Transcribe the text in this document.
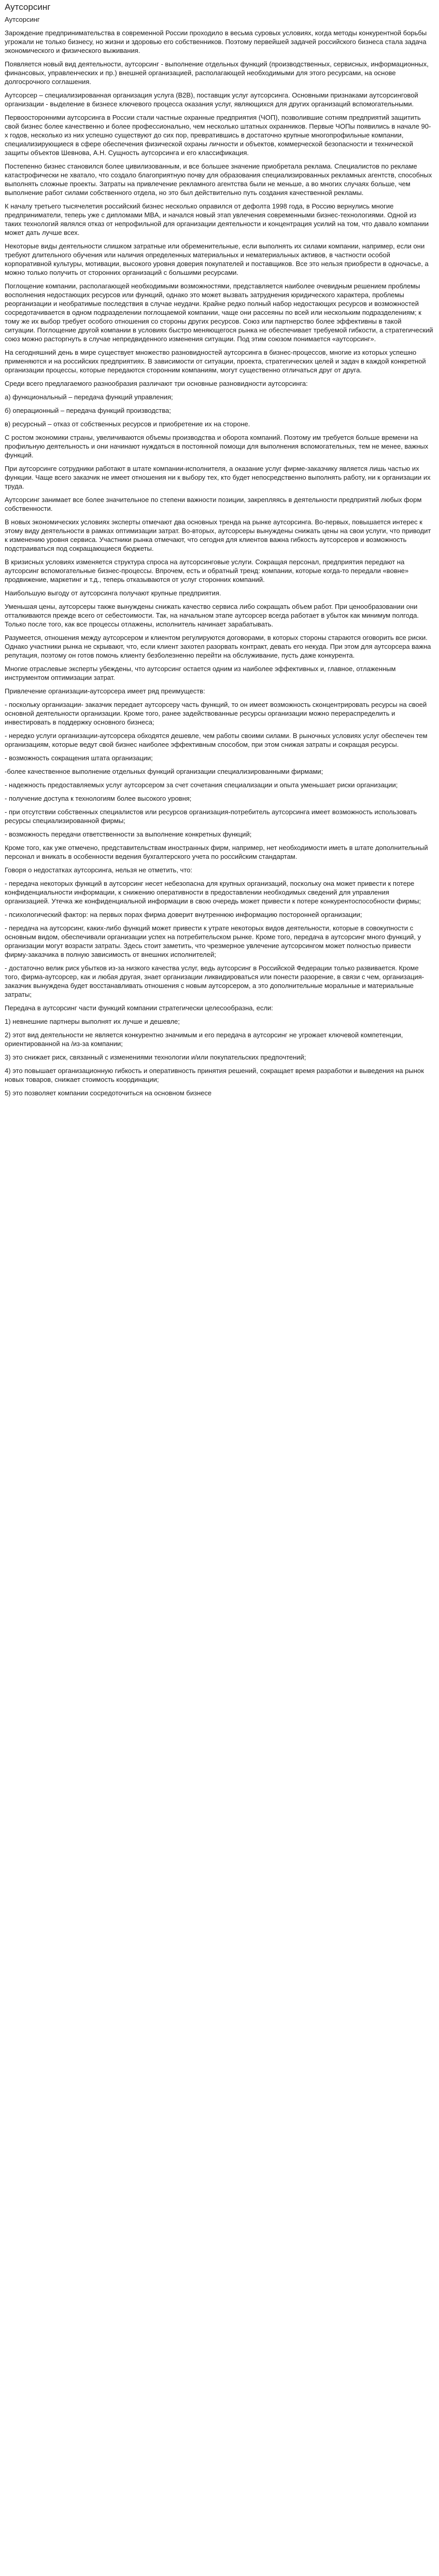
Аутсорсинг

Аутсорсинг

Зарождение предпринимательства в современной России проходило в весьма суровых условиях, когда методы конкурентной борьбы угрожали не только бизнесу, но жизни и здоровью его собственников. Поэтому первейшей задачей российского бизнеса стала задача экономического и физического выживания.

Появляется новый вид деятельности, аутсорсинг - выполнение отдельных функций (производственных, сервисных, информационных, финансовых, управленческих и пр.) внешней организацией, располагающей необходимыми для этого ресурсами, на основе долгосрочного соглашения.

Аутсорсер – специализированная организация услуга (B2B), поставщик услуг аутсорсинга. Основными признаками аутсорсинговой организации - выделение в бизнесе ключевого процесса оказания услуг, являющихся для других организаций вспомогательными.

Первоосторонними аутсорсинга в России стали частные охранные предприятия (ЧОП), позволившие сотням предприятий защитить свой бизнес более качественно и более профессионально, чем несколько штатных охранников. Первые ЧОПы появились в начале 90-х годов, несколько из них успешно существуют до сих пор, превратившись в достаточно крупные многопрофильные компании, специализирующиеся в сфере обеспечения физической охраны личности и объектов, коммерческой безопасности и технической защиты объектов Шевнова, А.Н. Сущность аутсорсинга и его классификация.

Постепенно бизнес становился более цивилизованным, и все большее значение приобретала реклама. Специалистов по рекламе катастрофически не хватало, что создало благоприятную почву для образования специализированных рекламных агентств, способных выполнять сложные проекты. Затраты на привлечение рекламного агентства были не меньше, а во многих случаях больше, чем выполнение работ силами собственного отдела, но это был действительно путь создания качественной рекламы.

К началу третьего тысячелетия российский бизнес несколько оправился от дефолта 1998 года, в Россию вернулись многие предприниматели, теперь уже с дипломами MBA, и начался новый этап увлечения современными бизнес-технологиями. Одной из таких технологий являлся отказ от непрофильной для организации деятельности и концентрация усилий на том, что давало компании может дать лучше всех.

Некоторые виды деятельности слишком затратные или обременительные, если выполнять их силами компании, например, если они требуют длительного обучения или наличия определенных материальных и нематериальных активов, в частности особой корпоративной культуры, мотивации, высокого уровня доверия покупателей и поставщиков. Все это нельзя приобрести в одночасье, а можно только получить от сторонних организаций с большими ресурсами.

Поглощение компании, располагающей необходимыми возможностями, представляется наиболее очевидным решением проблемы восполнения недостающих ресурсов или функций, однако это может вызвать затруднения юридического характера, проблемы реорганизации и необратимые последствия в случае неудачи. Крайне редко полный набор недостающих ресурсов и возможностей сосредотачивается в одном подразделении поглощаемой компании, чаще они рассеяны по всей или нескольким подразделениям; к тому же их выбор требует особого отношения со стороны других ресурсов. Союз или партнерство более эффективны в такой ситуации. Поглощение другой компании в условиях быстро меняющегося рынка не обеспечивает требуемой гибкости, а стратегический союз можно расторгнуть в случае непредвиденного изменения ситуации. Под этим союзом понимается «аутсорсинг».

На сегодняшний день в мире существует множество разновидностей аутсорсинга в бизнес-процессов, многие из которых успешно применяются и на российских предприятиях. В зависимости от ситуации, проекта, стратегических целей и задач в каждой конкретной организации процессы, которые передаются сторонним компаниям, могут существенно отличаться друг от друга.

Среди всего предлагаемого разнообразия различают три основные разновидности аутсорсинга:

а) функциональный – передача функций управления;

б) операционный – передача функций производства;

в) ресурсный – отказ от собственных ресурсов и приобретение их на стороне.

С ростом экономики страны, увеличиваются объемы производства и оборота компаний. Поэтому им требуется больше времени на профильную деятельность и они начинают нуждаться в постоянной помощи для выполнения вспомогательных, тем не менее, важных функций.

При аутсорсинге сотрудники работают в штате компании-исполнителя, а оказание услуг фирме-заказчику является лишь частью их функции. Чаще всего заказчик не имеет отношения ни к выбору тех, кто будет непосредственно выполнять работу, ни к организации их труда.

Аутсорсинг занимает все более значительное по степени важности позиции, закрепляясь в деятельности предприятий любых форм собственности.

В новых экономических условиях эксперты отмечают два основных тренда на рынке аутсорсинга. Во-первых, повышается интерес к этому виду деятельности в рамках оптимизации затрат. Во-вторых, аутсорсеры вынуждены снижать цены на свои услуги, что приводит к изменению уровня сервиса. Участники рынка отмечают, что сегодня для клиентов важна гибкость аутсорсеров и возможность подстраиваться под сокращающиеся бюджеты.

В кризисных условиях изменяется структура спроса на аутсорсинговые услуги. Сокращая персонал, предприятия передают на аутсорсинг вспомогательные бизнес-процессы. Впрочем, есть и обратный тренд: компании, которые когда-то передали «вовне» продвижение, маркетинг и т.д., теперь отказываются от услуг сторонних компаний.

Наибольшую выгоду от аутсорсинга получают крупные предприятия.

Уменьшая цены, аутсорсеры также вынуждены снижать качество сервиса либо сокращать объем работ. При ценообразовании они отталкиваются прежде всего от себестоимости. Так, на начальном этапе аутсорсер всегда работает в убыток как минимум полгода. Только после того, как все процессы отлажены, исполнитель начинает зарабатывать.

Разумеется, отношения между аутсорсером и клиентом регулируются договорами, в которых стороны стараются оговорить все риски. Однако участники рынка не скрывают, что, если клиент захотел разорвать контракт, девать его некуда. При этом для аутсорсера важна репутация, поэтому он готов помочь клиенту безболезненно перейти на обслуживание, пусть даже конкурента.

Многие отраслевые эксперты убеждены, что аутсорсинг остается одним из наиболее эффективных и, главное, отлаженным инструментом оптимизации затрат.

Привлечение организации-аутсорсера имеет ряд преимуществ:

- поскольку организации- заказчик передает аутсорсеру часть функций, то он имеет возможность сконцентрировать ресурсы на своей основной деятельности организации. Кроме того, ранее задействованные ресурсы организации можно перераспределить и инвестировать в поддержку основного бизнеса;

- нередко услуги организации-аутсорсера обходятся дешевле, чем работы своими силами. В рыночных условиях услуг обеспечен тем организациям, которые ведут свой бизнес наиболее эффективным способом, при этом снижая затраты и сокращая ресурсы.

- возможность сокращения штата организации;

-более качественное выполнение отдельных функций организации специализированными фирмами;

- надежность предоставляемых услуг аутсорсером за счет сочетания специализации и опыта уменьшает риски организации;

- получение доступа к технологиям более высокого уровня;

- при отсутствии собственных специалистов или ресурсов организация-потребитель аутсорсинга имеет возможность использовать ресурсы специализированной фирмы;

- возможность передачи ответственности за выполнение конкретных функций;

Кроме того, как уже отмечено, представительствам иностранных фирм, например, нет необходимости иметь в штате дополнительный персонал и вникать в особенности ведения бухгалтерского учета по российским стандартам.

Говоря о недостатках аутсорсинга, нельзя не отметить, что:

- передача некоторых функций в аутсорсинг несет небезопасна для крупных организаций, поскольку она может привести к потере конфиденциальности информации, к снижению оперативности в предоставлении необходимых сведений для управления организацией. Утечка же конфиденциальной информации в свою очередь может привести к потере конкурентоспособности фирмы;

- психологический фактор: на первых порах фирма доверит внутреннюю информацию посторонней организации;

- передача на аутсорсинг, каких-либо функций может привести к утрате некоторых видов деятельности, которые в совокупности с основным видом, обеспечивали организации успех на потребительском рынке. Кроме того, передача в аутсорсинг много функций, у организации могут возрасти затраты. Здесь стоит заметить, что чрезмерное увлечение аутсорсингом может полностью привести фирму-заказчика в полную зависимость от внешних исполнителей;

- достаточно велик риск убытков из-за низкого качества услуг, ведь аутсорсинг в Российской Федерации только развивается. Кроме того, фирма-аутсорсер, как и любая другая, знает организации ликвидироваться или понести разорение, в связи с чем, организация-заказчик вынуждена будет восстанавливать отношения с новым аутсорсером, а это дополнительные моральные и материальные затраты;

Передача в аутсорсинг части функций компании стратегически целесообразна, если:

1) невнешние партнеры выполнят их лучше и дешевле;

2) этот вид деятельности не является конкурентно значимым и его передача в аутсорсинг не угрожает ключевой компетенции, ориентированной на /из-за компании;

3) это снижает риск, связанный с изменениями технологии и/или покупательских предпочтений;

4) это повышает организационную гибкость и оперативность принятия решений, сокращает время разработки и выведения на рынок новых товаров, снижает стоимость координации;

5) это позволяет компании сосредоточиться на основном бизнесе
